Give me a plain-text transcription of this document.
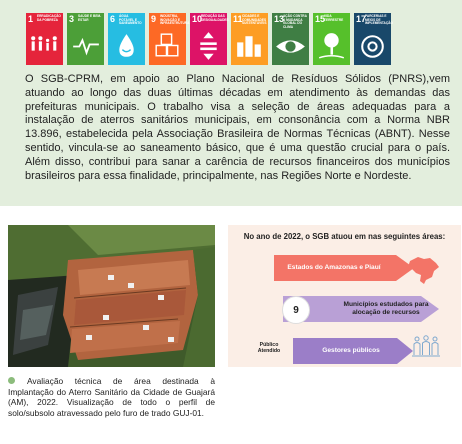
1 ERRADICAÇÃO DA POBREZA	3 SAÚDE E BEM-ESTAR	6 ÁGUA POTÁVEL E SANEAMENTO 9 INDÚSTRIA, INOVAÇÃO E INFRAESTRUTURA 10
REDUÇÃO DAS DESIGUALDADES 11 CIDADES E COMUNIDADES SUSTENTÁVEIS 13
AÇÃO CONTRA A MUDANÇA GLOBAL DO CLIMA
15
VIDA TERRESTRE	17
PARCERIAS E MEIOS DE IMPLEMENTAÇÃO

O SGB-CPRM, em apoio ao Plano Nacional de Resíduos Sólidos (PNRS),vem atuando ao longo das duas últimas décadas em atendimento às demandas das prefeituras municipais. O trabalho visa a seleção de áreas adequadas para a instalação de aterros sanitários municipais, em consonância com a Norma NBR 13.896, estabelecida pela Associação Brasileira de Normas Técnicas (ABNT). Nesse sentido, vincula-se ao saneamento básico, que é uma questão crucial para o país. Além disso, contribui para sanar a carência de recursos financeiros dos municípios brasileiros para essa finalidade, principalmente, nas Regiões Norte e Nordeste.

Avaliação técnica de área destinada à Implantação do Aterro Sanitário da Cidade de Guajará (AM), 2022. Visualização de todo o perfil de solo/subsolo atravessado pelo furo de trado GUJ-01.

No ano de 2022, o SGB atuou em nas seguintes áreas:
Estados do Amazonas e Piauí
Municípios estudados para alocação de recursos
9
Público Atendido	Gestores públicos
